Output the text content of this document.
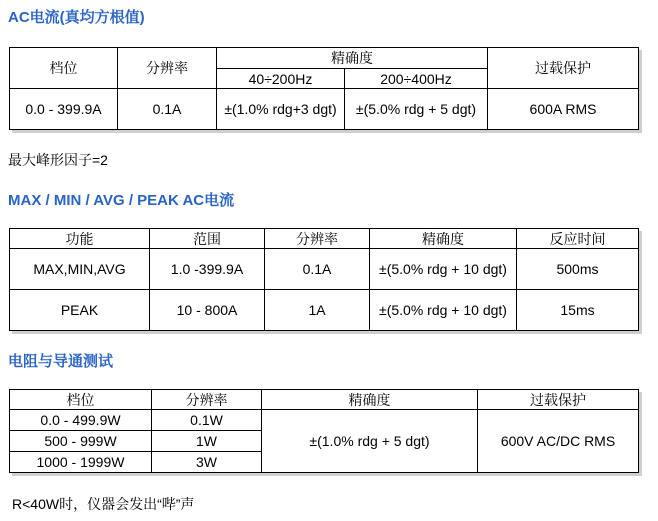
AC电流(真均方根值)
档位	分辨率	精确度		过载保护
		40÷200Hz	200÷400Hz	
0.0 - 399.9A	0.1A	±(1.0% rdg+3 dgt)	±(5.0% rdg + 5 dgt)	600A RMS
最大峰形因子=2
MAX / MIN / AVG / PEAK AC电流
功能	范围	分辨率	精确度	反应时间
MAX,MIN,AVG	1.0 -399.9A	0.1A	±(5.0% rdg + 10 dgt)	500ms
PEAK	10 - 800A	1A	±(5.0% rdg + 10 dgt)	15ms
电阻与导通测试
档位	分辨率	精确度	过载保护
0.0 - 499.9W	0.1W	±(1.0% rdg + 5 dgt)	600V AC/DC RMS
500 - 999W	1W		
1000 - 1999W	3W		
R<40W时，仪器会发出“哔”声
